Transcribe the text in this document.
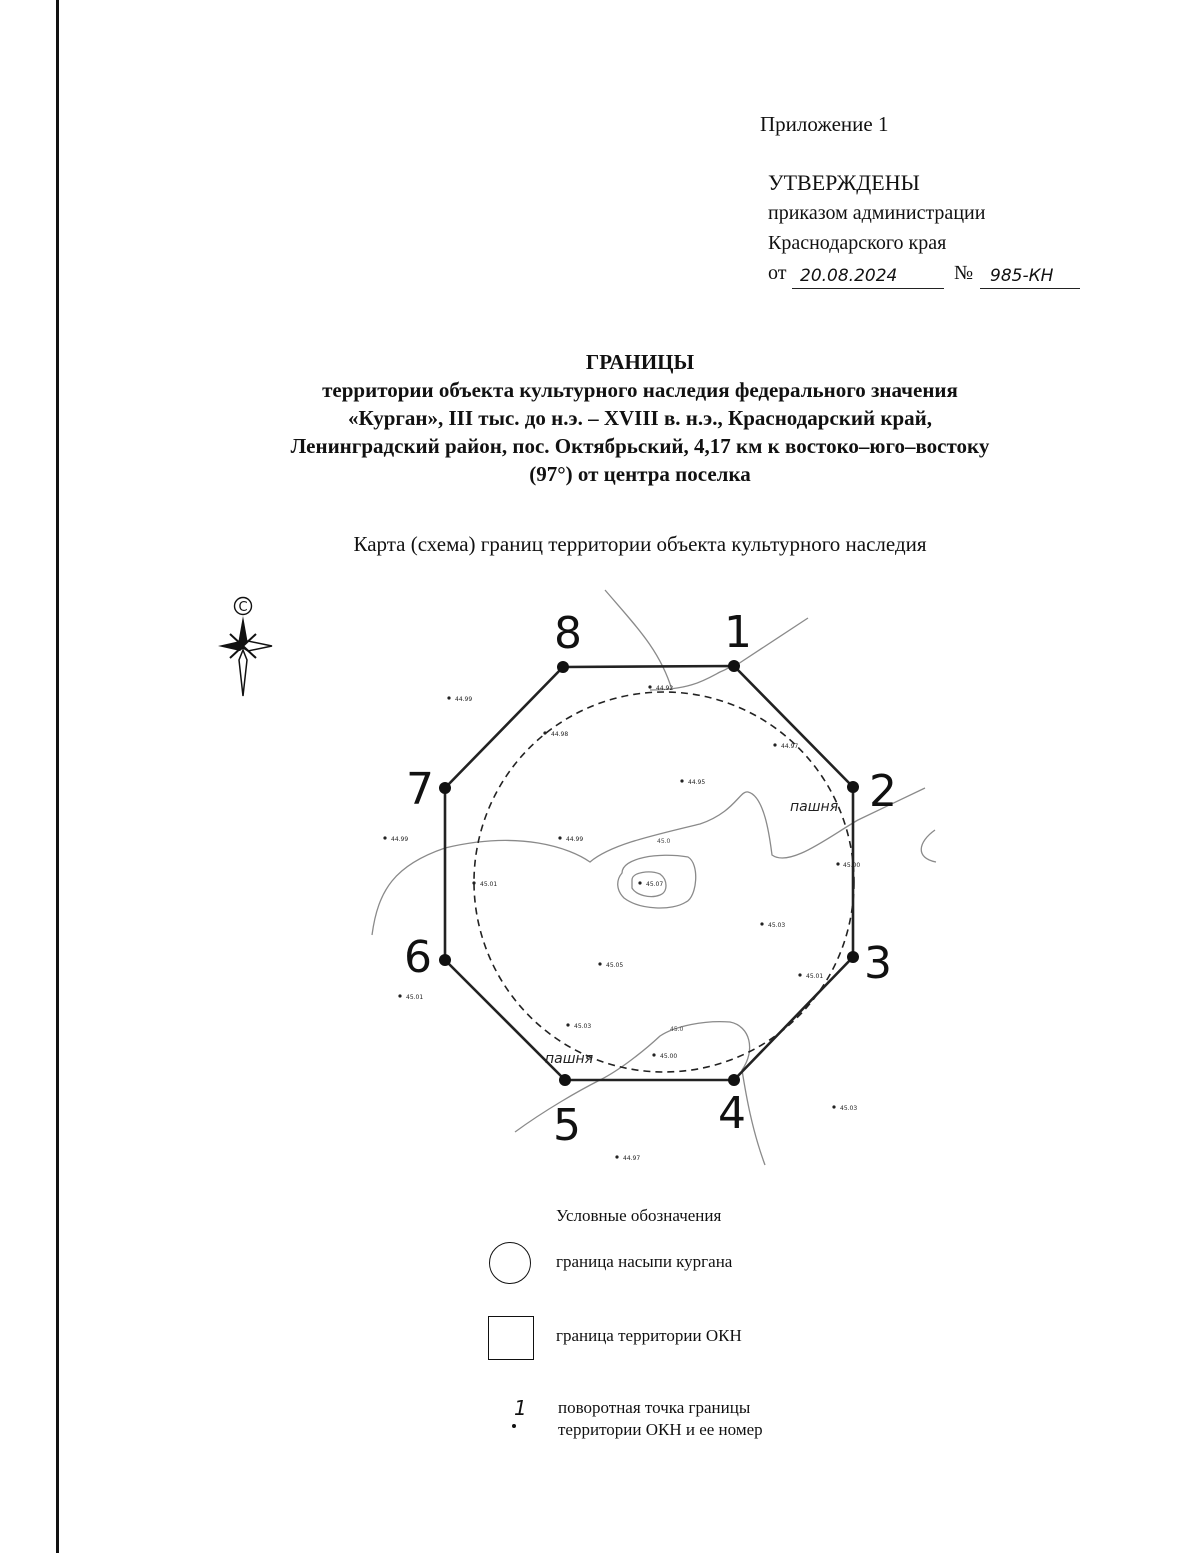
Приложение 1
УТВЕРЖДЕНЫ
приказом администрации
Краснодарского края
от 20.08.2024	№ 985-КН
ГРАНИЦЫ
территории объекта культурного наследия федерального значения
«Курган», III тыс. до н.э. – XVIII в. н.э., Краснодарский край,
Ленинградский район, пос. Октябрьский, 4,17 км к востоко–юго–востоку
(97°) от центра поселка
Карта (схема) границ территории объекта культурного наследия
С	1
2
3
4
5
6
7
8
пашня
пашня
45.0
45.0
44.99
44.92
44.98
44.97
44.95
44.99	44.99
45.01
45.00
45.07
45.03
45.05
45.01
45.01
45.03
45.00
45.03
44.97
Условные обозначения
граница насыпи кургана
граница территории ОКН
1 поворотная точка границы
территории ОКН и ее номер
